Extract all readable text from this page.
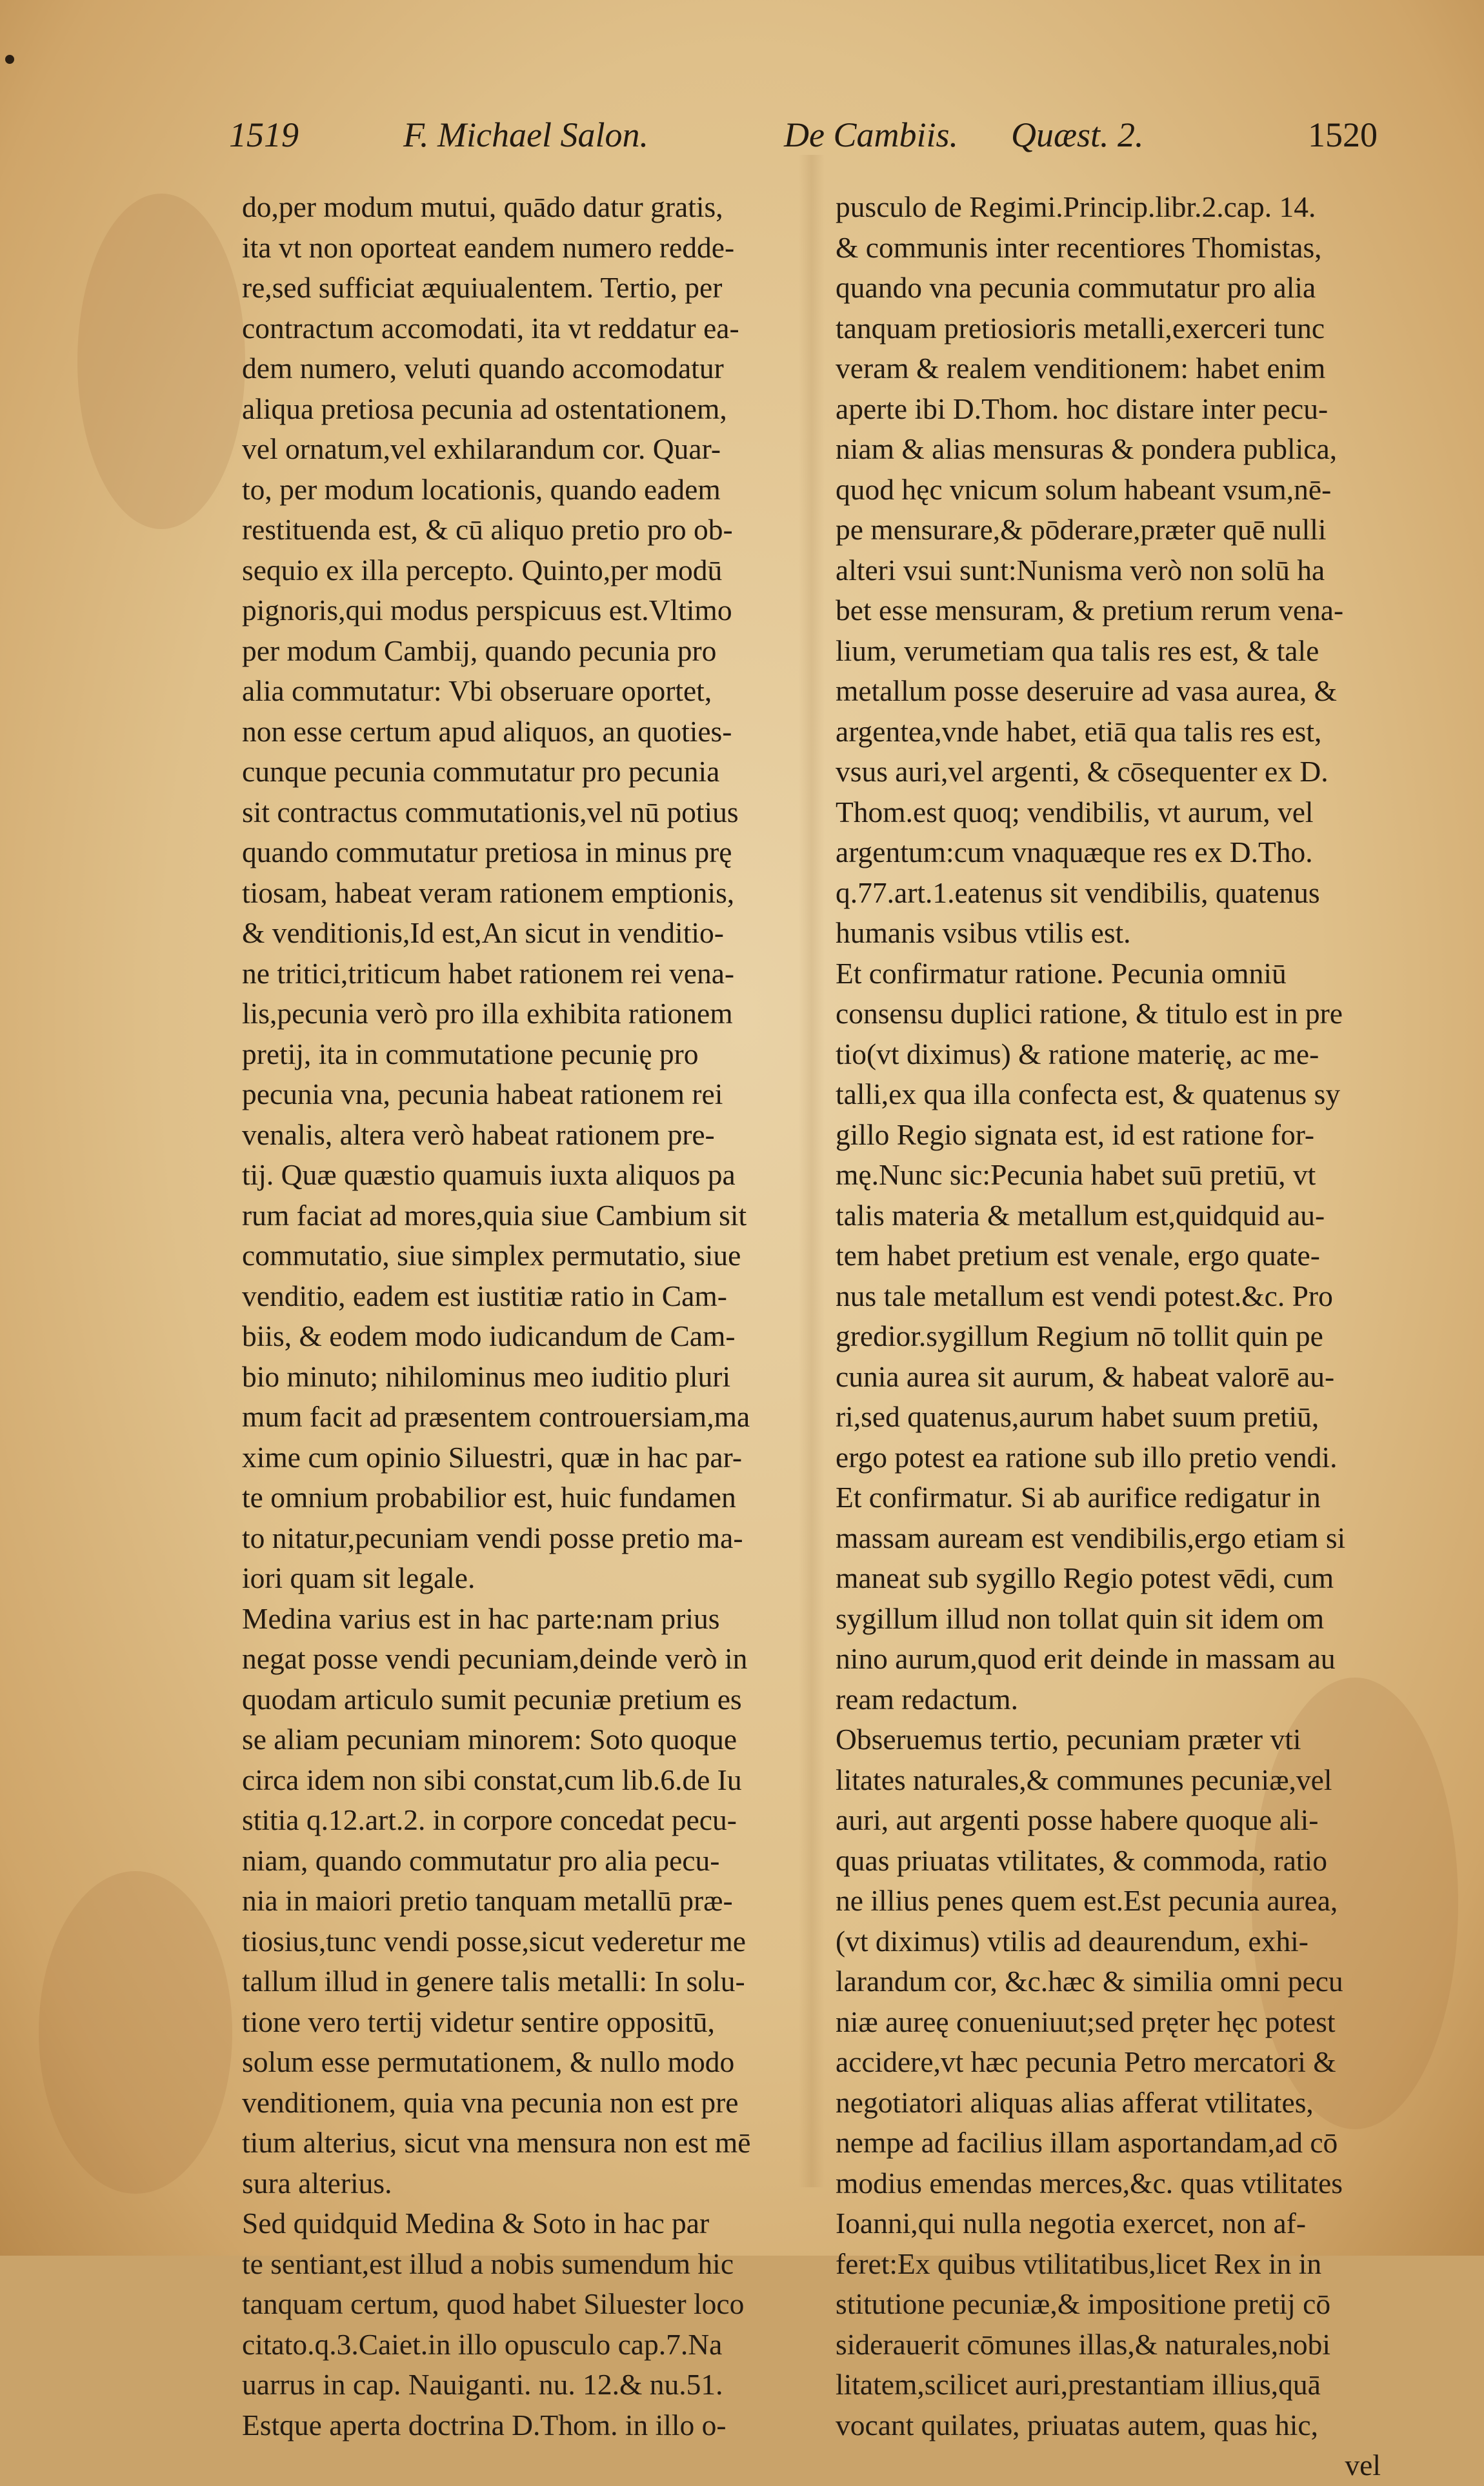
1519	F. Michael Salon.	De Cambiis. Quæst. 2.	1520
do,per modum mutui, quādo datur gratis,
ita vt non oporteat eandem numero redde-
re,sed sufficiat æquiualentem. Tertio, per
contractum accomodati, ita vt reddatur ea-
dem numero, veluti quando accomodatur
aliqua pretiosa pecunia ad ostentationem,
vel ornatum,vel exhilarandum cor. Quar-
to, per modum locationis, quando eadem
restituenda est, & cū aliquo pretio pro ob-
sequio ex illa percepto. Quinto,per modū
pignoris,qui modus perspicuus est.Vltimo
per modum Cambij, quando pecunia pro
alia commutatur: Vbi obseruare oportet,
non esse certum apud aliquos, an quoties-
cunque pecunia commutatur pro pecunia
sit contractus commutationis,vel nū potius
quando commutatur pretiosa in minus prę
tiosam, habeat veram rationem emptionis,
& venditionis,Id est,An sicut in venditio-
ne tritici,triticum habet rationem rei vena-
lis,pecunia verò pro illa exhibita rationem
pretij, ita in commutatione pecunię pro
pecunia vna, pecunia habeat rationem rei
venalis, altera verò habeat rationem pre-
tij. Quæ quæstio quamuis iuxta aliquos pa
rum faciat ad mores,quia siue Cambium sit
commutatio, siue simplex permutatio, siue
venditio, eadem est iustitiæ ratio in Cam-
biis, & eodem modo iudicandum de Cam-
bio minuto; nihilominus meo iuditio pluri
mum facit ad præsentem controuersiam,ma
xime cum opinio Siluestri, quæ in hac par-
te omnium probabilior est, huic fundamen
to nitatur,pecuniam vendi posse pretio ma-
iori quam sit legale.
Medina varius est in hac parte:nam prius
negat posse vendi pecuniam,deinde verò in
quodam articulo sumit pecuniæ pretium es
se aliam pecuniam minorem: Soto quoque
circa idem non sibi constat,cum lib.6.de Iu
stitia q.12.art.2. in corpore concedat pecu-
niam, quando commutatur pro alia pecu-
nia in maiori pretio tanquam metallū præ-
tiosius,tunc vendi posse,sicut vederetur me
tallum illud in genere talis metalli: In solu-
tione vero tertij videtur sentire oppositū,
solum esse permutationem, & nullo modo
venditionem, quia vna pecunia non est pre
tium alterius, sicut vna mensura non est mē
sura alterius.
Sed quidquid Medina & Soto in hac par
te sentiant,est illud a nobis sumendum hic
tanquam certum, quod habet Siluester loco
citato.q.3.Caiet.in illo opusculo cap.7.Na
uarrus in cap. Nauiganti. nu. 12.& nu.51.
Estque aperta doctrina D.Thom. in illo o-
pusculo de Regimi.Princip.libr.2.cap. 14.
& communis inter recentiores Thomistas,
quando vna pecunia commutatur pro alia
tanquam pretiosioris metalli,exerceri tunc
veram & realem venditionem: habet enim
aperte ibi D.Thom. hoc distare inter pecu-
niam & alias mensuras & pondera publica,
quod hęc vnicum solum habeant vsum,nē-
pe mensurare,& pōderare,præter quē nulli
alteri vsui sunt:Nunisma verò non solū ha
bet esse mensuram, & pretium rerum vena-
lium, verumetiam qua talis res est, & tale
metallum posse deseruire ad vasa aurea, &
argentea,vnde habet, etiā qua talis res est,
vsus auri,vel argenti, & cōsequenter ex D.
Thom.est quoq; vendibilis, vt aurum, vel
argentum:cum vnaquæque res ex D.Tho.
q.77.art.1.eatenus sit vendibilis, quatenus
humanis vsibus vtilis est.
Et confirmatur ratione. Pecunia omniū
consensu duplici ratione, & titulo est in pre
tio(vt diximus) & ratione materię, ac me-
talli,ex qua illa confecta est, & quatenus sy
gillo Regio signata est, id est ratione for-
mę.Nunc sic:Pecunia habet suū pretiū, vt
talis materia & metallum est,quidquid au-
tem habet pretium est venale, ergo quate-
nus tale metallum est vendi potest.&c. Pro
gredior.sygillum Regium nō tollit quin pe
cunia aurea sit aurum, & habeat valorē au-
ri,sed quatenus,aurum habet suum pretiū,
ergo potest ea ratione sub illo pretio vendi.
Et confirmatur. Si ab aurifice redigatur in
massam auream est vendibilis,ergo etiam si
maneat sub sygillo Regio potest vēdi, cum
sygillum illud non tollat quin sit idem om
nino aurum,quod erit deinde in massam au
ream redactum.
Obseruemus tertio, pecuniam præter vti
litates naturales,& communes pecuniæ,vel
auri, aut argenti posse habere quoque ali-
quas priuatas vtilitates, & commoda, ratio
ne illius penes quem est.Est pecunia aurea,
(vt diximus) vtilis ad deaurendum, exhi-
larandum cor, &c.hæc & similia omni pecu
niæ aureę conueniuut;sed pręter hęc potest
accidere,vt hæc pecunia Petro mercatori &
negotiatori aliquas alias afferat vtilitates,
nempe ad facilius illam asportandam,ad cō
modius emendas merces,&c. quas vtilitates
Ioanni,qui nulla negotia exercet, non af-
feret:Ex quibus vtilitatibus,licet Rex in in
stitutione pecuniæ,& impositione pretij cō
siderauerit cōmunes illas,& naturales,nobi
litatem,scilicet auri,prestantiam illius,quā
vocant quilates, priuatas autem, quas hic,
vel
